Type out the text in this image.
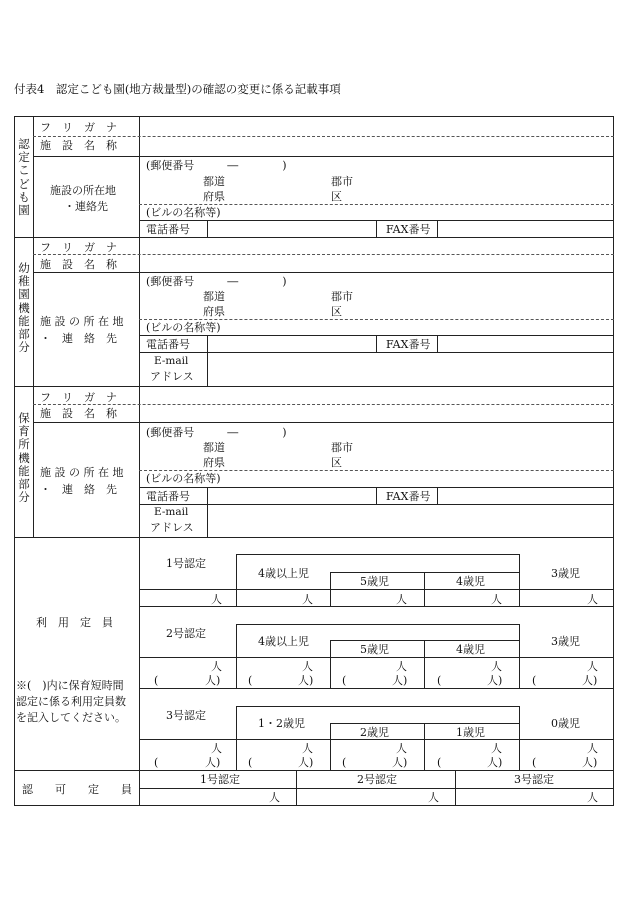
付表4　認定こども園(地方裁量型)の確認の変更に係る記載事項
認定こども園
フ　リ　ガ　ナ
施　設　名　称
施設の所在地
・連絡先
(郵便番号　　　―　　　　)
都道
府県
郡市
区
(ビルの名称等)
電話番号	FAX番号
幼稚園機能部分
フ　リ　ガ　ナ
施　設　名　称
施 設 の 所 在 地
・　連　絡　先
(郵便番号　　　―　　　　)
都道
府県
郡市
区
(ビルの名称等)
電話番号	FAX番号
E-mail
アドレス
保育所機能部分
フ　リ　ガ　ナ
施　設　名　称
施 設 の 所 在 地
・　連　絡　先
(郵便番号　　　―　　　　)
都道
府県
郡市
区
(ビルの名称等)
電話番号	FAX番号
E-mail
アドレス
利　用　定　員
※(　)内に保育短時間認定に係る利用定員数を記入してください。
1号認定
4歳以上児
5歳児	4歳児
3歳児
人	人	人	人	人
2号認定
4歳以上児
5歳児	4歳児
3歳児
人	人	人	人	人
(	人)	(	人)	(	人)	(	人)	(	人)
3号認定
1・2歳児
2歳児	1歳児
0歳児
人	人	人	人	人
(	人)	(	人)	(	人)	(	人)	(	人)
認　　可　　定　　員
1号認定	2号認定	3号認定
人	人	人
